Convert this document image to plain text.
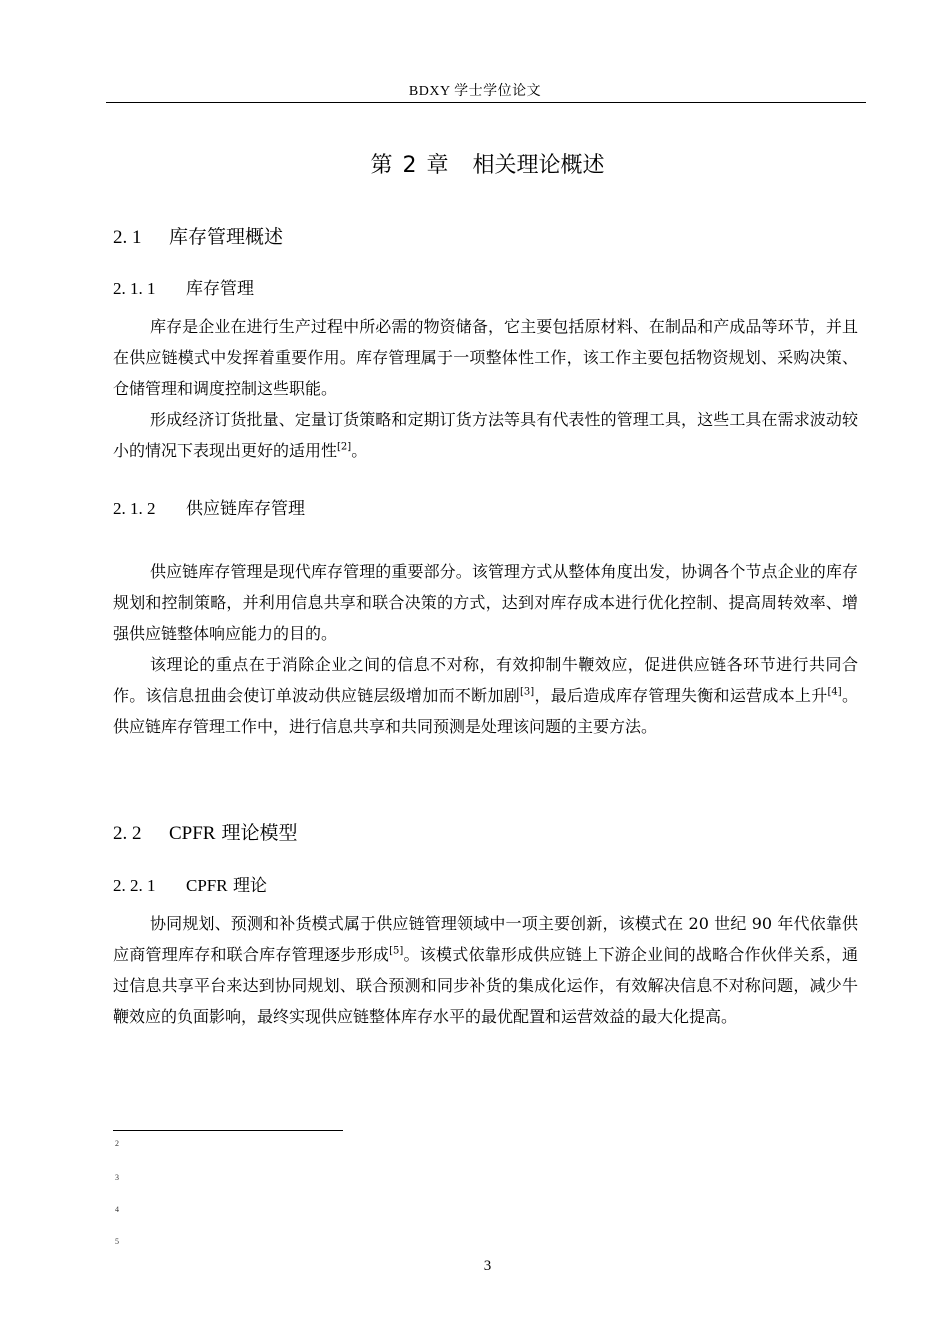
BDXY 学士学位论文
第 2 章 相关理论概述
2. 1 库存管理概述
2. 1. 1 库存管理

库存是企业在进行生产过程中所必需的物资储备，它主要包括原材料、在制品和产成品等环节，并且在供应链模式中发挥着重要作用。库存管理属于一项整体性工作，该工作主要包括物资规划、采购决策、仓储管理和调度控制这些职能。

形成经济订货批量、定量订货策略和定期订货方法等具有代表性的管理工具，这些工具在需求波动较小的情况下表现出更好的适用性[2]。

2. 1. 2 供应链库存管理

供应链库存管理是现代库存管理的重要部分。该管理方式从整体角度出发，协调各个节点企业的库存规划和控制策略，并利用信息共享和联合决策的方式，达到对库存成本进行优化控制、提高周转效率、增强供应链整体响应能力的目的。

该理论的重点在于消除企业之间的信息不对称，有效抑制牛鞭效应，促进供应链各环节进行共同合作。该信息扭曲会使订单波动供应链层级增加而不断加剧[3]，最后造成库存管理失衡和运营成本上升[4]。供应链库存管理工作中，进行信息共享和共同预测是处理该问题的主要方法。

2. 2 CPFR 理论模型
2. 2. 1 CPFR 理论

协同规划、预测和补货模式属于供应链管理领域中一项主要创新，该模式在 20 世纪 90 年代依靠供应商管理库存和联合库存管理逐步形成[5]。该模式依靠形成供应链上下游企业间的战略合作伙伴关系，通过信息共享平台来达到协同规划、联合预测和同步补货的集成化运作，有效解决信息不对称问题，减少牛鞭效应的负面影响，最终实现供应链整体库存水平的最优配置和运营效益的最大化提高。

2
3
4
5
3
